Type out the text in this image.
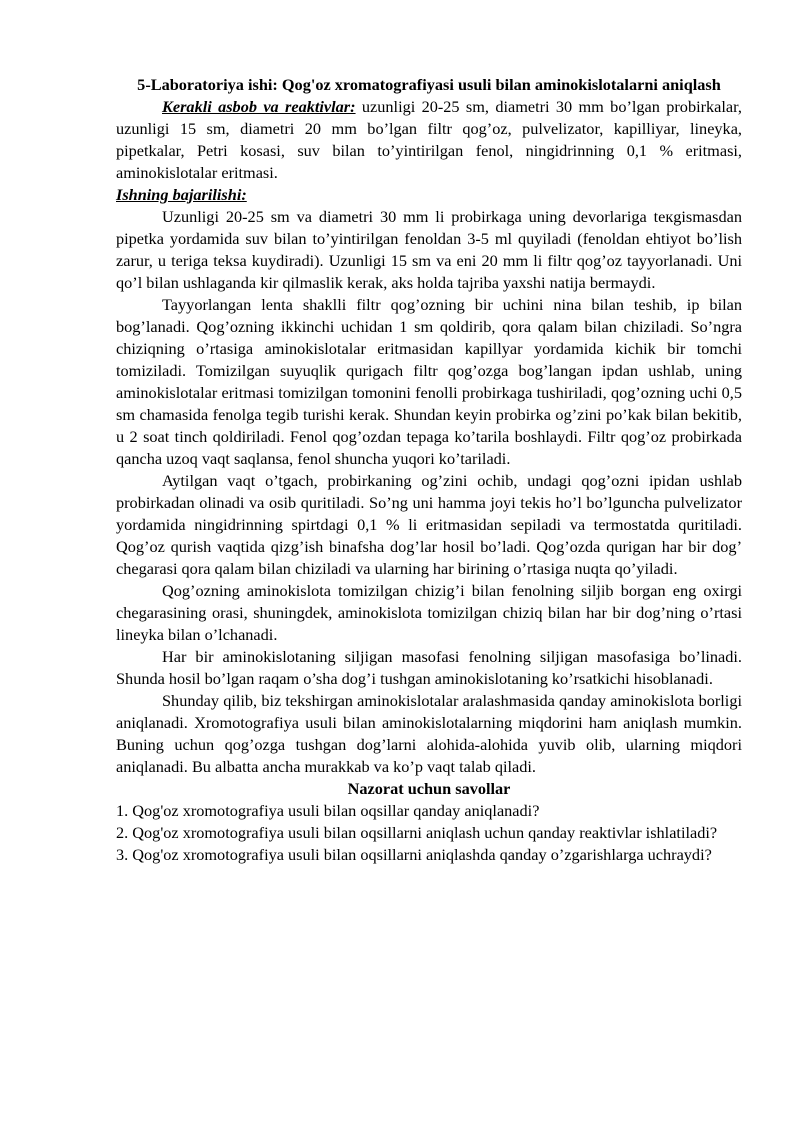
5-Laboratoriya ishi: Qog'oz xromatografiyasi usuli bilan aminokislotalarni aniqlash

Kerakli asbob va reaktivlar: uzunligi 20-25 sm, diametri 30 mm bo’lgan probirkalar, uzunligi 15 sm, diametri 20 mm bo’lgan filtr qog’oz, pulvelizator, kapilliyar, lineyka, pipetkalar, Petri kosasi, suv bilan to’yintirilgan fenol, ningidrinning 0,1 % eritmasi, aminokislotalar eritmasi.

Ishning bajarilishi:

Uzunligi 20-25 sm va diametri 30 mm li probirkaga uning devorlariga teкgismasdan pipetka yordamida suv bilan to’yintirilgan fenoldan 3-5 ml quyiladi (fenoldan ehtiyot bo’lish zarur, u teriga teksa kuydiradi). Uzunligi 15 sm va eni 20 mm li filtr qog’oz tayyorlanadi. Uni qo’l bilan ushlaganda kir qilmaslik kerak, aks holda tajriba yaxshi natija bermaydi.

Tayyorlangan lenta shaklli filtr qog’ozning bir uchini nina bilan teshib, ip bilan bog’lanadi. Qog’ozning ikkinchi uchidan 1 sm qoldirib, qora qalam bilan chiziladi. So’ngra chiziqning o’rtasiga aminokislotalar eritmasidan kapillyar yordamida kichik bir tomchi tomiziladi. Tomizilgan suyuqlik qurigach filtr qog’ozga bog’langan ipdan ushlab, uning aminokislotalar eritmasi tomizilgan tomonini fenolli probirkaga tushiriladi, qog’ozning uchi 0,5 sm chamasida fenolga tegib turishi kerak. Shundan keyin probirka og’zini po’kak bilan bekitib, u 2 soat tinch qoldiriladi. Fenol qog’ozdan tepaga ko’tarila boshlaydi. Filtr qog’oz probirkada qancha uzoq vaqt saqlansa, fenol shuncha yuqori ko’tariladi.

Aytilgan vaqt o’tgach, probirkaning og’zini ochib, undagi qog’ozni ipidan ushlab probirkadan olinadi va osib quritiladi. So’ng uni hamma joyi tekis ho’l bo’lguncha pulvelizator yordamida ningidrinning spirtdagi 0,1 % li eritmasidan sepiladi va termostatda quritiladi. Qog’oz qurish vaqtida qizg’ish binafsha dog’lar hosil bo’ladi. Qog’ozda qurigan har bir dog’ chegarasi qora qalam bilan chiziladi va ularning har birining o’rtasiga nuqta qo’yiladi.

Qog’ozning aminokislota tomizilgan chizig’i bilan fenolning siljib borgan eng oxirgi chegarasining orasi, shuningdek, aminokislota tomizilgan chiziq bilan har bir dog’ning o’rtasi lineyka bilan o’lchanadi.

Har bir aminokislotaning siljigan masofasi fenolning siljigan masofasiga bo’linadi. Shunda hosil bo’lgan raqam o’sha dog’i tushgan aminokislotaning ko’rsatkichi hisoblanadi.

Shunday qilib, biz tekshirgan aminokislotalar aralashmasida qanday aminokislota borligi aniqlanadi. Xromotografiya usuli bilan aminokislotalarning miqdorini ham aniqlash mumkin. Buning uchun qog’ozga tushgan dog’larni alohida-alohida yuvib olib, ularning miqdori aniqlanadi. Bu albatta ancha murakkab va ko’p vaqt talab qiladi.

Nazorat uchun savollar

1. Qog'oz xromotografiya usuli bilan oqsillar qanday aniqlanadi?

2. Qog'oz xromotografiya usuli bilan oqsillarni aniqlash uchun qanday reaktivlar ishlatiladi?

3. Qog'oz xromotografiya usuli bilan oqsillarni aniqlashda qanday o’zgarishlarga uchraydi?
